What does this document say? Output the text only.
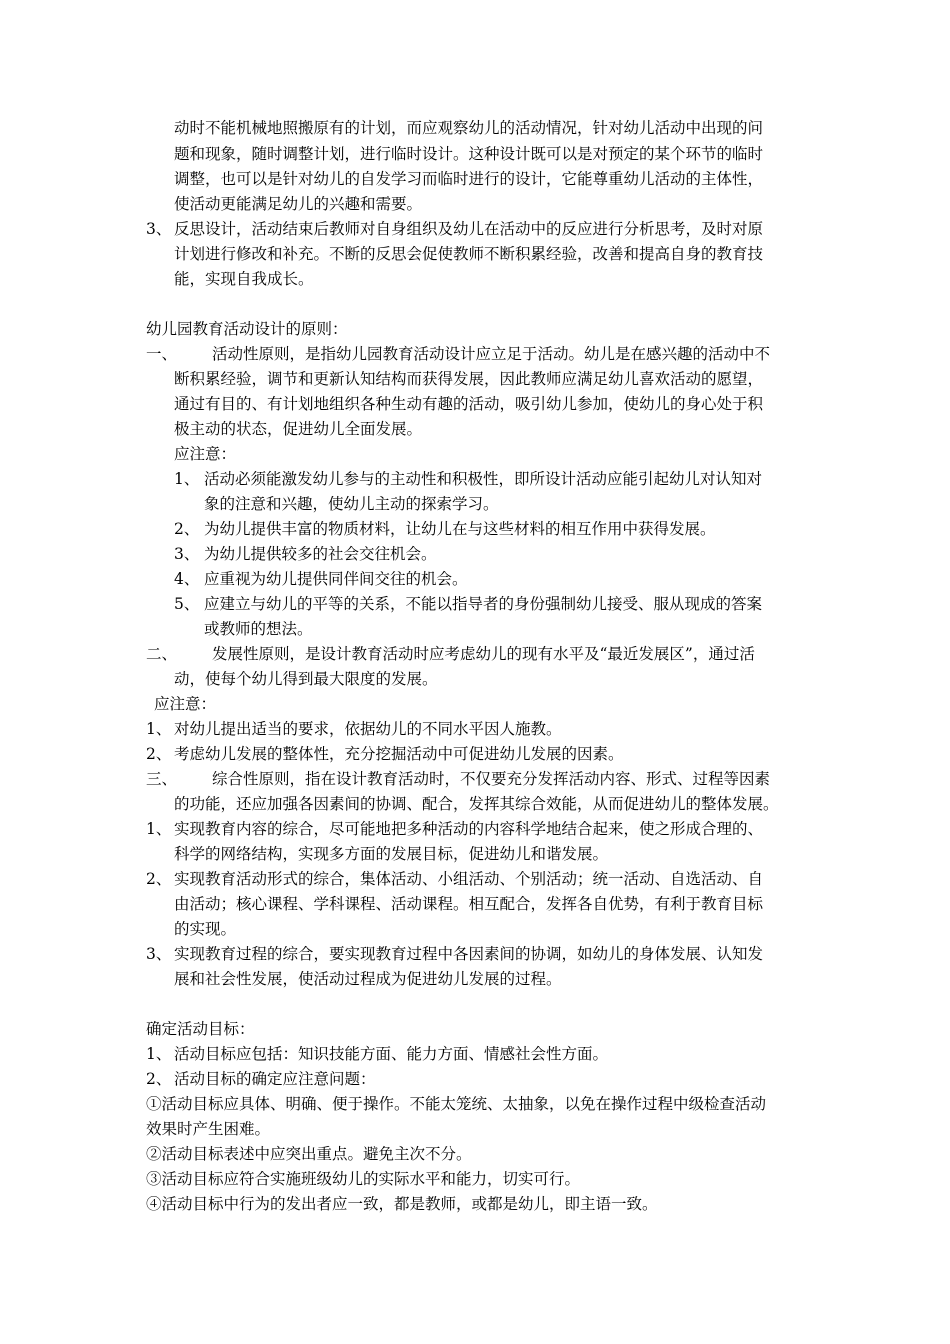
动时不能机械地照搬原有的计划，而应观察幼儿的活动情况，针对幼儿活动中出现的问
题和现象，随时调整计划，进行临时设计。这种设计既可以是对预定的某个环节的临时
调整，也可以是针对幼儿的自发学习而临时进行的设计，它能尊重幼儿活动的主体性，
使活动更能满足幼儿的兴趣和需要。
3、 反思设计，活动结束后教师对自身组织及幼儿在活动中的反应进行分析思考，及时对原
计划进行修改和补充。不断的反思会促使教师不断积累经验，改善和提高自身的教育技
能，实现自我成长。
幼儿园教育活动设计的原则：
一、 活动性原则，是指幼儿园教育活动设计应立足于活动。幼儿是在感兴趣的活动中不
断积累经验，调节和更新认知结构而获得发展，因此教师应满足幼儿喜欢活动的愿望，
通过有目的、有计划地组织各种生动有趣的活动，吸引幼儿参加，使幼儿的身心处于积
极主动的状态，促进幼儿全面发展。
应注意：
1、 活动必须能激发幼儿参与的主动性和积极性，即所设计活动应能引起幼儿对认知对
象的注意和兴趣，使幼儿主动的探索学习。
2、 为幼儿提供丰富的物质材料，让幼儿在与这些材料的相互作用中获得发展。
3、 为幼儿提供较多的社会交往机会。
4、 应重视为幼儿提供同伴间交往的机会。
5、 应建立与幼儿的平等的关系，不能以指导者的身份强制幼儿接受、服从现成的答案
或教师的想法。
二、 发展性原则，是设计教育活动时应考虑幼儿的现有水平及“最近发展区”，通过活
动，使每个幼儿得到最大限度的发展。
应注意：
1、 对幼儿提出适当的要求，依据幼儿的不同水平因人施教。
2、 考虑幼儿发展的整体性，充分挖掘活动中可促进幼儿发展的因素。
三、 综合性原则，指在设计教育活动时，不仅要充分发挥活动内容、形式、过程等因素
的功能，还应加强各因素间的协调、配合，发挥其综合效能，从而促进幼儿的整体发展。
1、 实现教育内容的综合，尽可能地把多种活动的内容科学地结合起来，使之形成合理的、
科学的网络结构，实现多方面的发展目标，促进幼儿和谐发展。
2、 实现教育活动形式的综合，集体活动、小组活动、个别活动；统一活动、自选活动、自
由活动；核心课程、学科课程、活动课程。相互配合，发挥各自优势，有利于教育目标
的实现。
3、 实现教育过程的综合，要实现教育过程中各因素间的协调，如幼儿的身体发展、认知发
展和社会性发展，使活动过程成为促进幼儿发展的过程。
确定活动目标：
1、 活动目标应包括：知识技能方面、能力方面、情感社会性方面。
2、 活动目标的确定应注意问题：
①活动目标应具体、明确、便于操作。不能太笼统、太抽象，以免在操作过程中级检查活动
效果时产生困难。
②活动目标表述中应突出重点。避免主次不分。
③活动目标应符合实施班级幼儿的实际水平和能力，切实可行。
④活动目标中行为的发出者应一致，都是教师，或都是幼儿，即主语一致。
